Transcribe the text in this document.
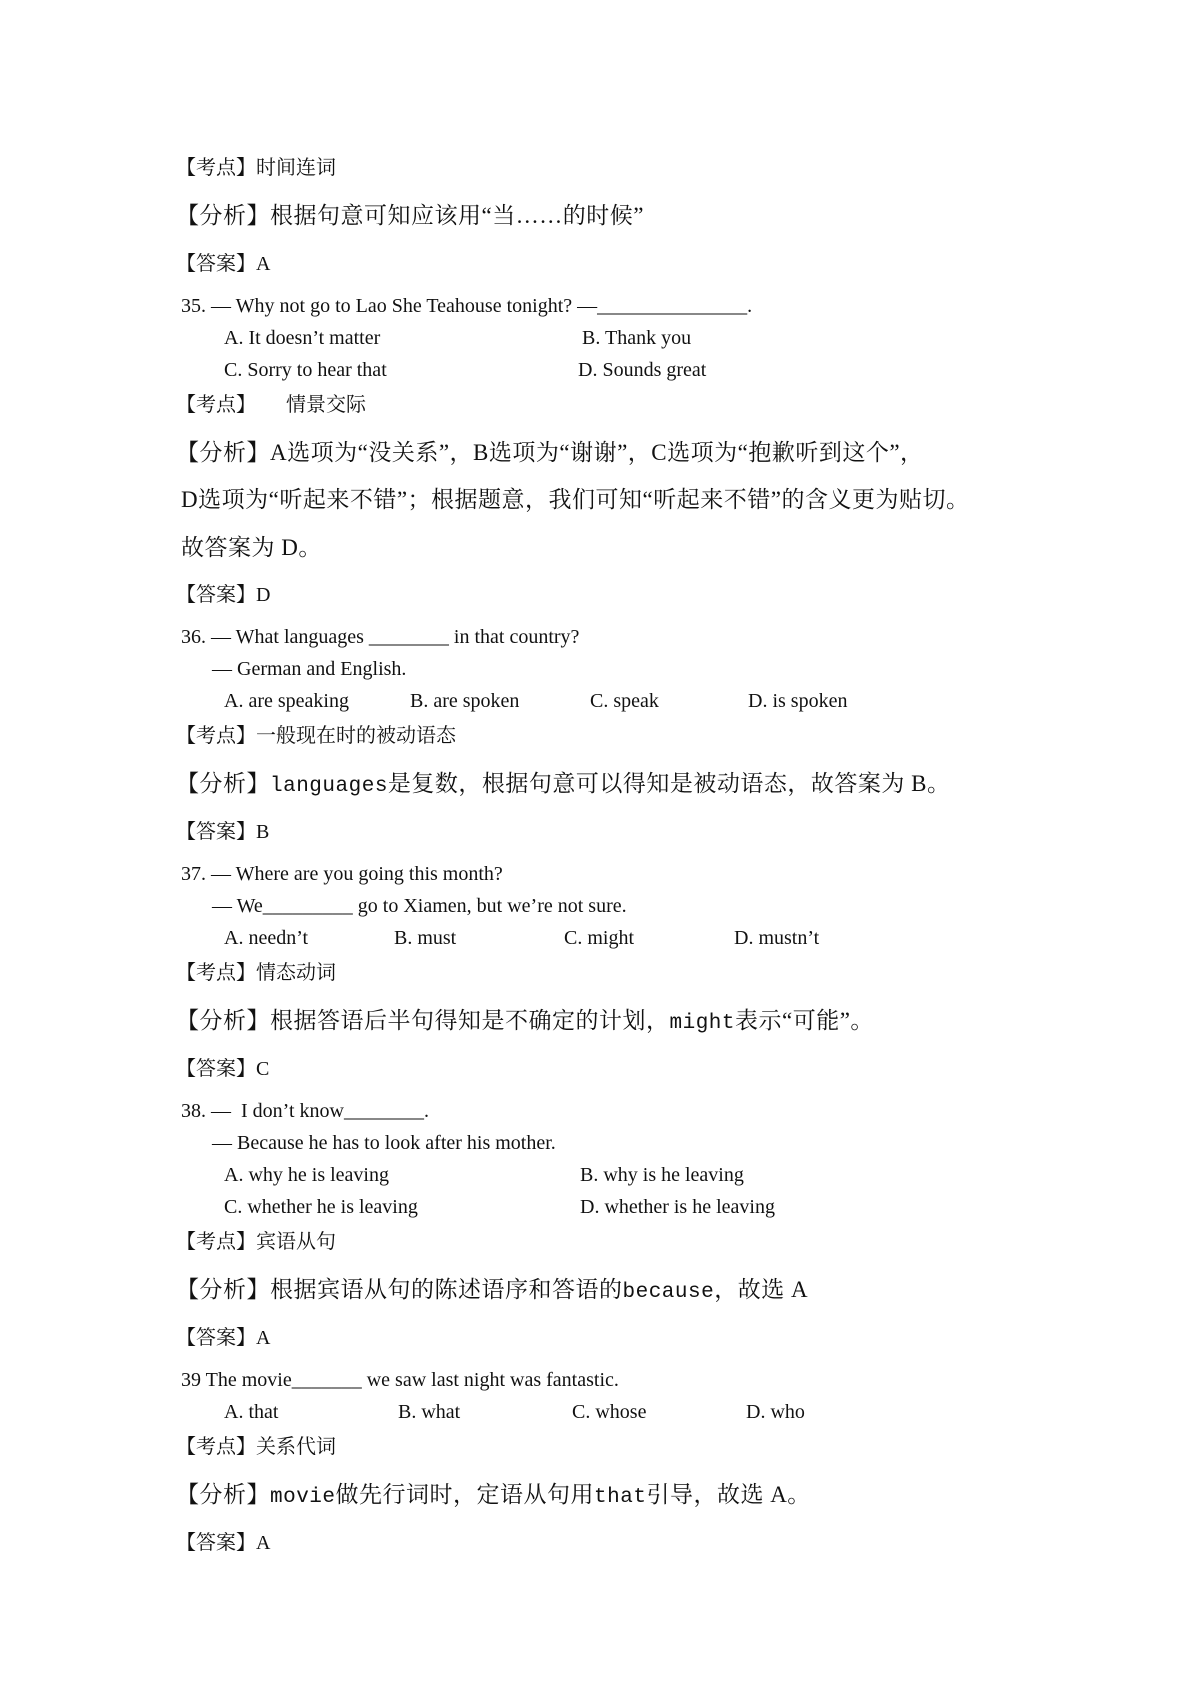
【考点】时间连词
【分析】根据句意可知应该用“当……的时候”
【答案】A
35. — Why not go to Lao She Teahouse tonight? —_______________.
A. It doesn’t matter	B. Thank you
C. Sorry to hear that	D. Sounds great
【考点】　　情景交际
【分析】A选项为“没关系”，B选项为“谢谢”，C选项为“抱歉听到这个”，
D选项为“听起来不错”；根据题意，我们可知“听起来不错”的含义更为贴切。
故答案为 D。
【答案】D
36. — What languages ________ in that country?
— German and English.
A. are speaking	B. are spoken	C. speak	D. is spoken
【考点】一般现在时的被动语态
【分析】languages是复数，根据句意可以得知是被动语态，故答案为 B。
【答案】B
37. — Where are you going this month?
— We_________ go to Xiamen, but we’re not sure.
A. needn’t	B. must	C. might	D. mustn’t
【考点】情态动词
【分析】根据答语后半句得知是不确定的计划，might表示“可能”。
【答案】C
38. —  I don’t know________.
— Because he has to look after his mother.
A. why he is leaving	B. why is he leaving
C. whether he is leaving	D. whether is he leaving
【考点】宾语从句
【分析】根据宾语从句的陈述语序和答语的because，故选 A
【答案】A
39 The movie_______ we saw last night was fantastic.
A. that	B. what	C. whose	D. who
【考点】关系代词
【分析】movie做先行词时，定语从句用that引导，故选 A。
【答案】A
